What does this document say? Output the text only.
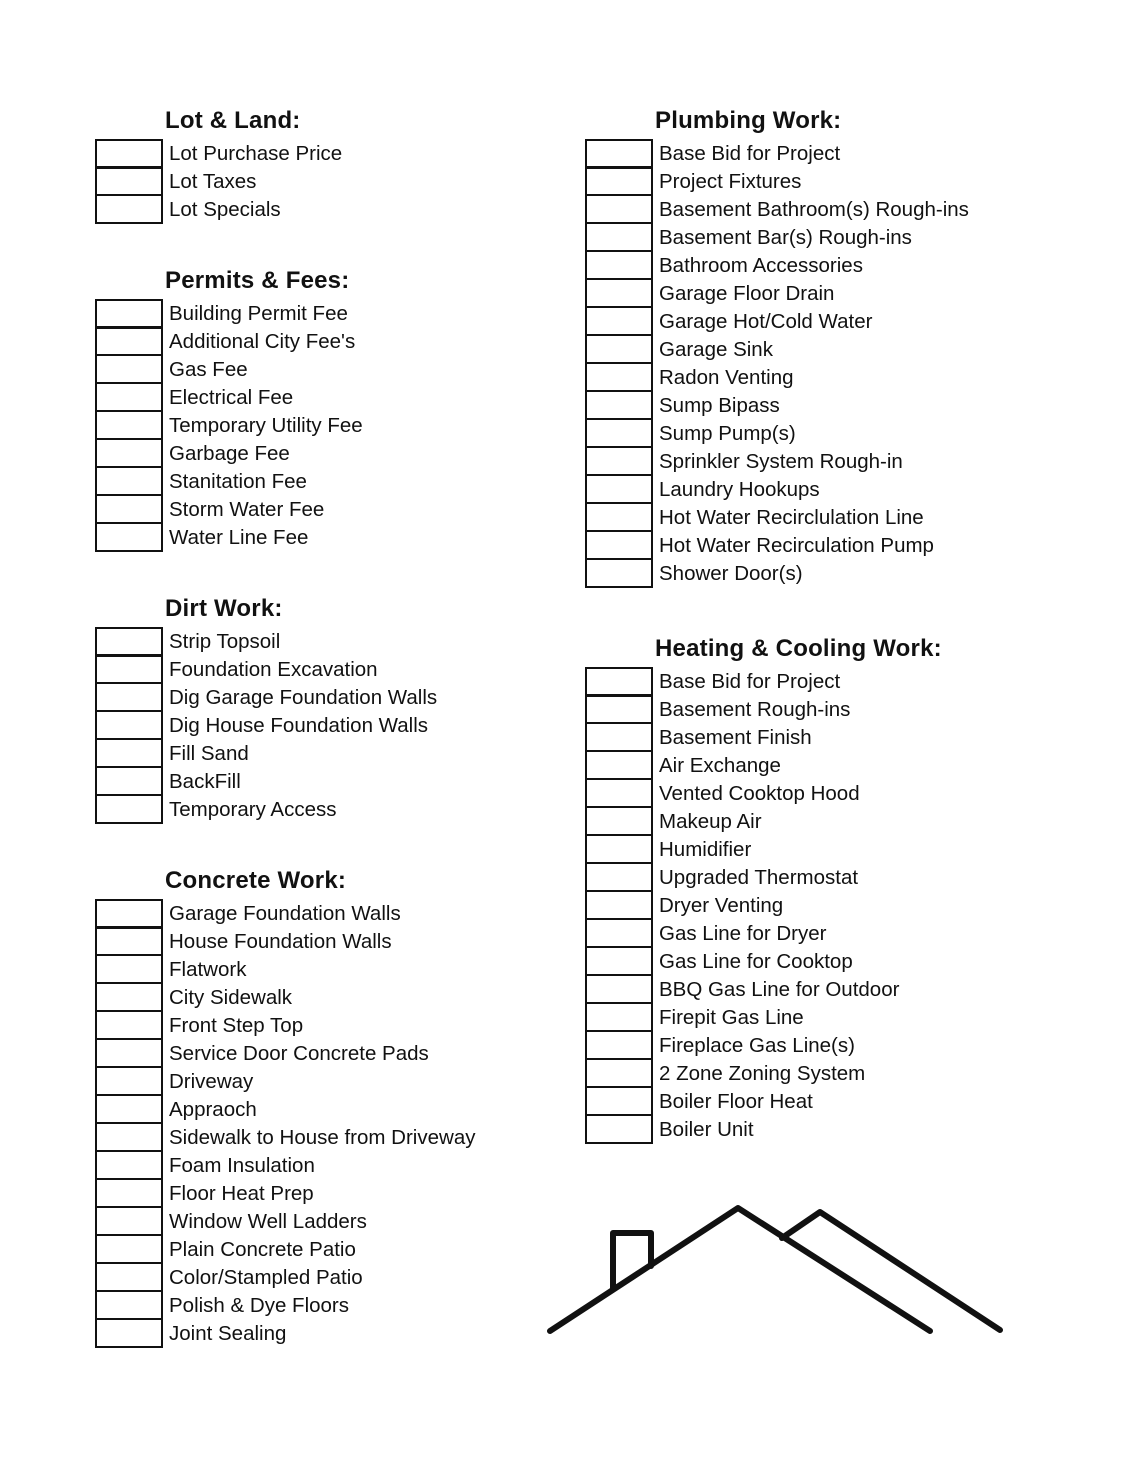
Lot & Land:
Lot Purchase Price
Lot Taxes
Lot Specials
Permits & Fees:
Building Permit Fee
Additional City Fee's
Gas Fee
Electrical Fee
Temporary Utility Fee
Garbage Fee
Stanitation Fee
Storm Water Fee
Water Line Fee
Dirt Work:
Strip Topsoil
Foundation Excavation
Dig Garage Foundation Walls
Dig House Foundation Walls
Fill Sand
BackFill
Temporary Access
Concrete Work:
Garage Foundation Walls
House Foundation Walls
Flatwork
City Sidewalk
Front Step Top
Service Door Concrete Pads
Driveway
Appraoch
Sidewalk to House from Driveway
Foam Insulation
Floor Heat Prep
Window Well Ladders
Plain Concrete Patio
Color/Stampled Patio
Polish & Dye Floors
Joint Sealing
Plumbing Work:
Base Bid for Project
Project Fixtures
Basement Bathroom(s) Rough-ins
Basement Bar(s) Rough-ins
Bathroom Accessories
Garage Floor Drain
Garage Hot/Cold Water
Garage Sink
Radon Venting
Sump Bipass
Sump Pump(s)
Sprinkler System Rough-in
Laundry Hookups
Hot Water Recirclulation Line
Hot Water Recirculation Pump
Shower Door(s)
Heating & Cooling Work:
Base Bid for Project
Basement Rough-ins
Basement Finish
Air Exchange
Vented Cooktop Hood
Makeup Air
Humidifier
Upgraded Thermostat
Dryer Venting
Gas Line for Dryer
Gas Line for Cooktop
BBQ Gas Line for Outdoor
Firepit Gas Line
Fireplace Gas Line(s)
2 Zone Zoning System
Boiler Floor Heat
Boiler Unit
